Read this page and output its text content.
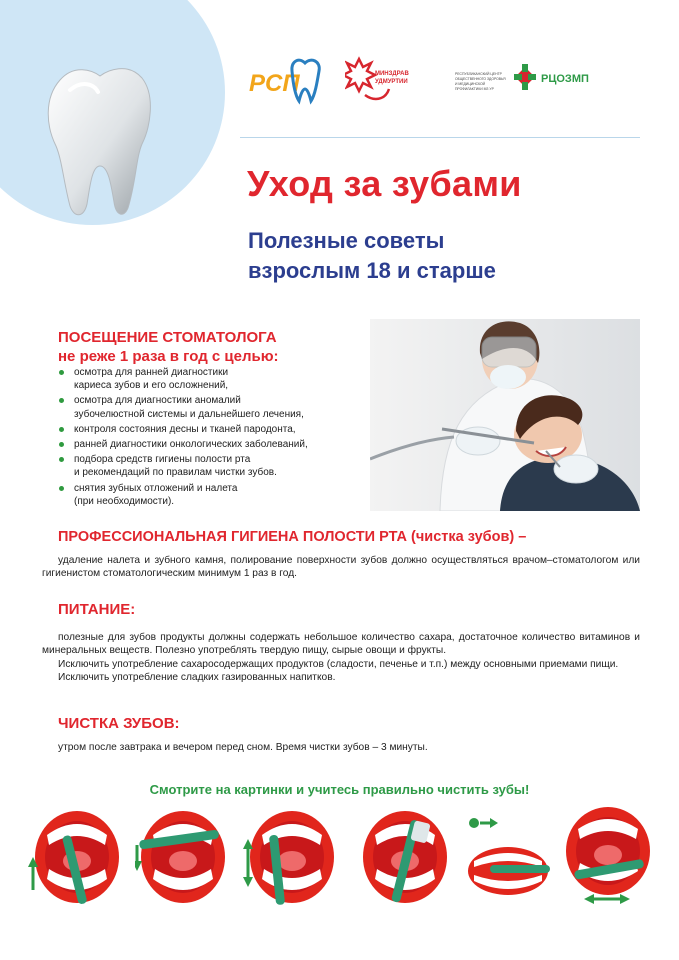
РСП	МИНЗДРАВ
УДМУРТИИ
РЕСПУБЛИКАНСКИЙ ЦЕНТР
ОБЩЕСТВЕННОГО ЗДОРОВЬЯ
И МЕДИЦИНСКОЙ
ПРОФИЛАКТИКИ МЗ УР
РЦОЗМП
Уход за зубами
Полезные советы
взрослым 18 и старше
ПОСЕЩЕНИЕ СТОМАТОЛОГА
не реже 1 раза в год с целью:
осмотра для ранней диагностики
кариеса зубов и его осложнений,
осмотра для диагностики аномалий
зубочелюстной системы и дальнейшего лечения,
контроля состояния десны и тканей пародонта,
ранней диагностики онкологических заболеваний,
подбора средств гигиены полости рта
и рекомендаций по правилам чистки зубов.
снятия зубных отложений и налета
(при необходимости).
ПРОФЕССИОНАЛЬНАЯ ГИГИЕНА ПОЛОСТИ РТА (чистка зубов) –
удаление налета и зубного камня, полирование поверхности зубов должно осуществляться врачом–стоматологом или гигиенистом стоматологическим минимум 1 раз в год.
ПИТАНИЕ:
полезные для зубов продукты должны содержать небольшое количество сахара, достаточное количество витаминов и минеральных веществ. Полезно употреблять твердую пищу, сырые овощи и фрукты.
Исключить употребление сахаросодержащих продуктов (сладости, печенье и т.п.) между основными приемами пищи.
Исключить употребление сладких газированных напитков.
ЧИСТКА ЗУБОВ:
утром после завтрака и вечером перед сном. Время чистки зубов – 3 минуты.
Смотрите на картинки и учитесь правильно чистить зубы!
